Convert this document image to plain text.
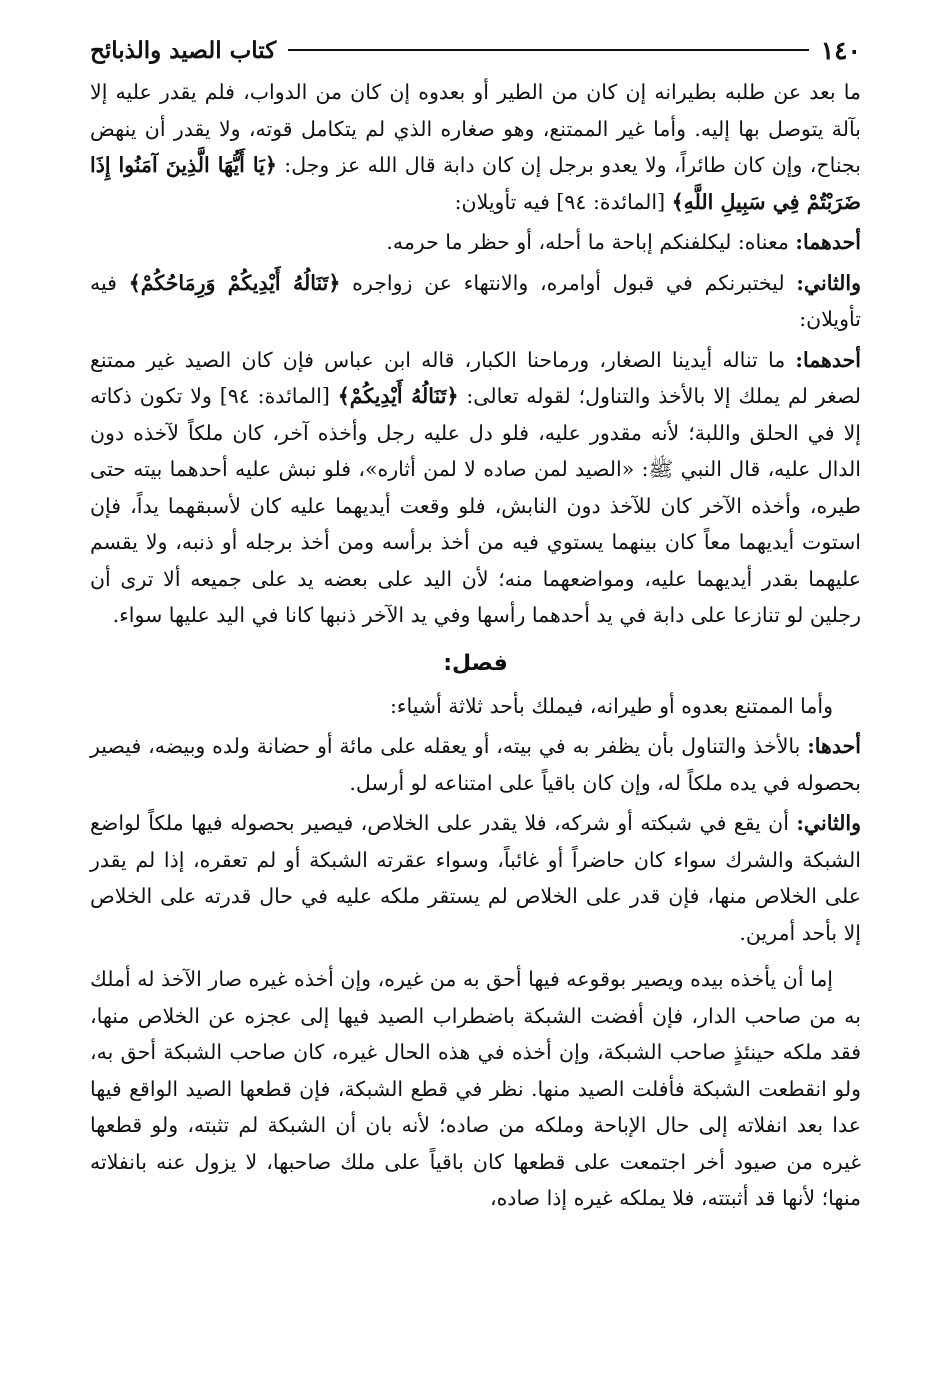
١٤٠
كتاب الصيد والذبائح

ما بعد عن طلبه بطيرانه إن كان من الطير أو بعدوه إن كان من الدواب، فلم يقدر عليه إلا بآلة يتوصل بها إليه. وأما غير الممتنع، وهو صغاره الذي لم يتكامل قوته، ولا يقدر أن ينهض بجناح، وإن كان طائراً، ولا يعدو برجل إن كان دابة قال الله عز وجل: ﴿يَا أَيُّهَا الَّذِينَ آمَنُوا إِذَا ضَرَبْتُمْ فِي سَبِيلِ اللَّهِ﴾ [المائدة: ٩٤] فيه تأويلان:

أحدهما: معناه: ليكلفنكم إباحة ما أحله، أو حظر ما حرمه.

والثاني: ليختبرنكم في قبول أوامره، والانتهاء عن زواجره ﴿تَنَالُهُ أَيْدِيكُمْ وَرِمَاحُكُمْ﴾ فيه تأويلان:

أحدهما: ما تناله أيدينا الصغار، ورماحنا الكبار، قاله ابن عباس فإن كان الصيد غير ممتنع لصغر لم يملك إلا بالأخذ والتناول؛ لقوله تعالى: ﴿تَنَالُهُ أَيْدِيكُمْ﴾ [المائدة: ٩٤] ولا تكون ذكاته إلا في الحلق واللبة؛ لأنه مقدور عليه، فلو دل عليه رجل وأخذه آخر، كان ملكاً لآخذه دون الدال عليه، قال النبي ﷺ: «الصيد لمن صاده لا لمن أثاره»، فلو نبش عليه أحدهما بيته حتى طيره، وأخذه الآخر كان للآخذ دون النابش، فلو وقعت أيديهما عليه كان لأسبقهما يداً، فإن استوت أيديهما معاً كان بينهما يستوي فيه من أخذ برأسه ومن أخذ برجله أو ذنبه، ولا يقسم عليهما بقدر أيديهما عليه، ومواضعهما منه؛ لأن اليد على بعضه يد على جميعه ألا ترى أن رجلين لو تنازعا على دابة في يد أحدهما رأسها وفي يد الآخر ذنبها كانا في اليد عليها سواء.

فصل:

وأما الممتنع بعدوه أو طيرانه، فيملك بأحد ثلاثة أشياء:

أحدها: بالأخذ والتناول بأن يظفر به في بيته، أو يعقله على مائة أو حضانة ولده وبيضه، فيصير بحصوله في يده ملكاً له، وإن كان باقياً على امتناعه لو أرسل.

والثاني: أن يقع في شبكته أو شركه، فلا يقدر على الخلاص، فيصير بحصوله فيها ملكاً لواضع الشبكة والشرك سواء كان حاضراً أو غائباً، وسواء عقرته الشبكة أو لم تعقره، إذا لم يقدر على الخلاص منها، فإن قدر على الخلاص لم يستقر ملكه عليه في حال قدرته على الخلاص إلا بأحد أمرين.

إما أن يأخذه بيده ويصير بوقوعه فيها أحق به من غيره، وإن أخذه غيره صار الآخذ له أملك به من صاحب الدار، فإن أفضت الشبكة باضطراب الصيد فيها إلى عجزه عن الخلاص منها، فقد ملكه حينئذٍ صاحب الشبكة، وإن أخذه في هذه الحال غيره، كان صاحب الشبكة أحق به، ولو انقطعت الشبكة فأفلت الصيد منها. نظر في قطع الشبكة، فإن قطعها الصيد الواقع فيها عدا بعد انفلاته إلى حال الإباحة وملكه من صاده؛ لأنه بان أن الشبكة لم تثبته، ولو قطعها غيره من صيود أخر اجتمعت على قطعها كان باقياً على ملك صاحبها، لا يزول عنه بانفلاته منها؛ لأنها قد أثبتته، فلا يملكه غيره إذا صاده،
